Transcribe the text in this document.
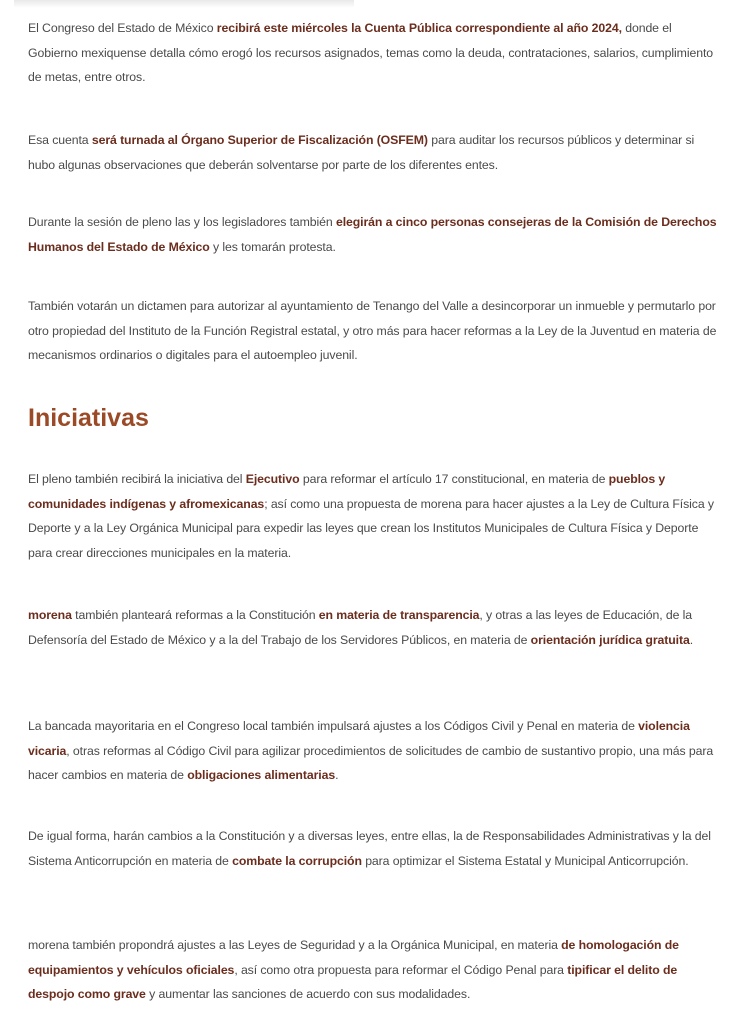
El Congreso del Estado de México recibirá este miércoles la Cuenta Pública correspondiente al año 2024, donde el Gobierno mexiquense detalla cómo erogó los recursos asignados, temas como la deuda, contrataciones, salarios, cumplimiento de metas, entre otros.

Esa cuenta será turnada al Órgano Superior de Fiscalización (OSFEM) para auditar los recursos públicos y determinar si hubo algunas observaciones que deberán solventarse por parte de los diferentes entes.

Durante la sesión de pleno las y los legisladores también elegirán a cinco personas consejeras de la Comisión de Derechos Humanos del Estado de México y les tomarán protesta.

También votarán un dictamen para autorizar al ayuntamiento de Tenango del Valle a desincorporar un inmueble y permutarlo por otro propiedad del Instituto de la Función Registral estatal, y otro más para hacer reformas a la Ley de la Juventud en materia de mecanismos ordinarios o digitales para el autoempleo juvenil.

Iniciativas

El pleno también recibirá la iniciativa del Ejecutivo para reformar el artículo 17 constitucional, en materia de pueblos y comunidades indígenas y afromexicanas; así como una propuesta de morena para hacer ajustes a la Ley de Cultura Física y Deporte y a la Ley Orgánica Municipal para expedir las leyes que crean los Institutos Municipales de Cultura Física y Deporte para crear direcciones municipales en la materia.

morena también planteará reformas a la Constitución en materia de transparencia, y otras a las leyes de Educación, de la Defensoría del Estado de México y a la del Trabajo de los Servidores Públicos, en materia de orientación jurídica gratuita.

La bancada mayoritaria en el Congreso local también impulsará ajustes a los Códigos Civil y Penal en materia de violencia vicaria, otras reformas al Código Civil para agilizar procedimientos de solicitudes de cambio de sustantivo propio, una más para hacer cambios en materia de obligaciones alimentarias.

De igual forma, harán cambios a la Constitución y a diversas leyes, entre ellas, la de Responsabilidades Administrativas y la del Sistema Anticorrupción en materia de combate la corrupción para optimizar el Sistema Estatal y Municipal Anticorrupción.

morena también propondrá ajustes a las Leyes de Seguridad y a la Orgánica Municipal, en materia de homologación de equipamientos y vehículos oficiales, así como otra propuesta para reformar el Código Penal para tipificar el delito de despojo como grave y aumentar las sanciones de acuerdo con sus modalidades.
